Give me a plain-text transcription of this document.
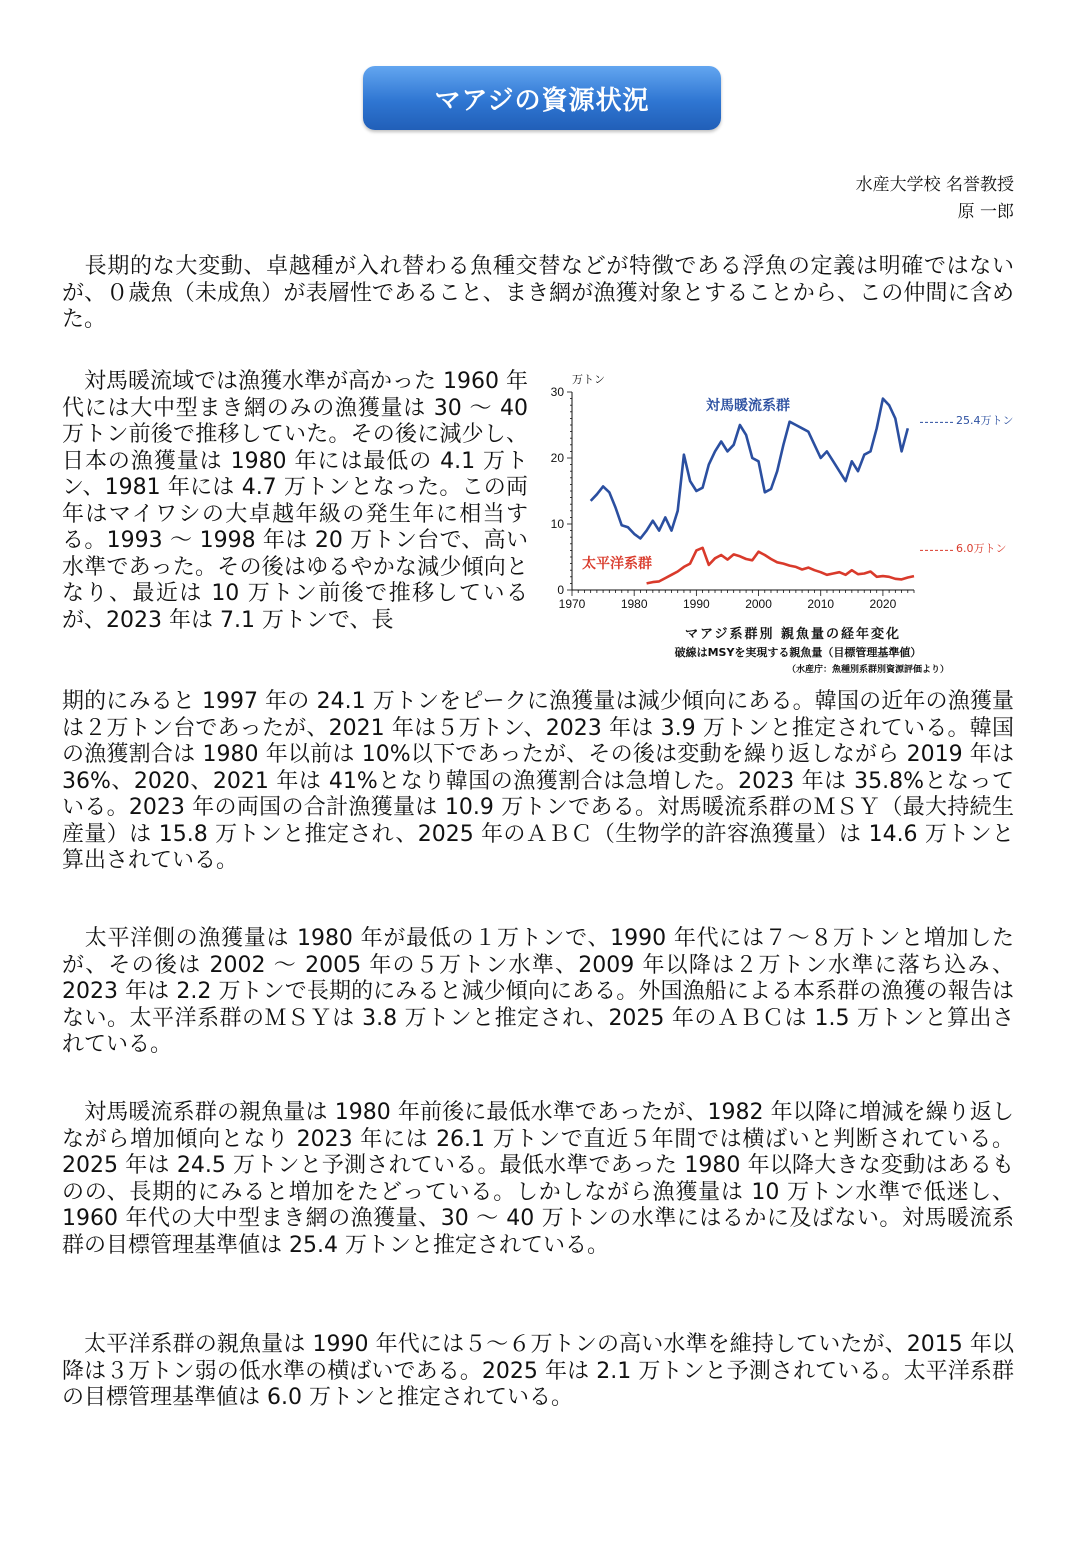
マアジの資源状況
水産大学校 名誉教授
原 一郎

　長期的な大変動、卓越種が入れ替わる魚種交替などが特徴である浮魚の定義は明確ではないが、０歳魚（未成魚）が表層性であること、まき網が漁獲対象とすることから、この仲間に含めた。

　対馬暖流域では漁獲水準が高かった 1960 年代には大中型まき網のみの漁獲量は 30 〜 40 万トン前後で推移していた。その後に減少し、日本の漁獲量は 1980 年には最低の 4.1 万トン、1981 年には 4.7 万トンとなった。この両年はマイワシの大卓越年級の発生年に相当する。1993 〜 1998 年は 20 万トン台で、高い水準であった。その後はゆるやかな減少傾向となり、最近は 10 万トン前後で推移しているが、2023 年は 7.1 万トンで、長

1970	1980	1990	2000	2010	2020
0
10
20
30
万トン
対馬暖流系群
太平洋系群
25.4万トン
6.0万トン
マアジ系群別 親魚量の経年変化
破線はMSYを実現する親魚量（目標管理基準値）
（水産庁：魚種別系群別資源評価より）

期的にみると 1997 年の 24.1 万トンをピークに漁獲量は減少傾向にある。韓国の近年の漁獲量は２万トン台であったが、2021 年は５万トン、2023 年は 3.9 万トンと推定されている。韓国の漁獲割合は 1980 年以前は 10%以下であったが、その後は変動を繰り返しながら 2019 年は 36%、2020、2021 年は 41%となり韓国の漁獲割合は急増した。2023 年は 35.8%となっている。2023 年の両国の合計漁獲量は 10.9 万トンである。対馬暖流系群のＭＳＹ（最大持続生産量）は 15.8 万トンと推定され、2025 年のＡＢＣ（生物学的許容漁獲量）は 14.6 万トンと算出されている。

　太平洋側の漁獲量は 1980 年が最低の１万トンで、1990 年代には７〜８万トンと増加したが、その後は 2002 〜 2005 年の５万トン水準、2009 年以降は２万トン水準に落ち込み、2023 年は 2.2 万トンで長期的にみると減少傾向にある。外国漁船による本系群の漁獲の報告はない。太平洋系群のＭＳＹは 3.8 万トンと推定され、2025 年のＡＢＣは 1.5 万トンと算出されている。

　対馬暖流系群の親魚量は 1980 年前後に最低水準であったが、1982 年以降に増減を繰り返しながら増加傾向となり 2023 年には 26.1 万トンで直近５年間では横ばいと判断されている。2025 年は 24.5 万トンと予測されている。最低水準であった 1980 年以降大きな変動はあるものの、長期的にみると増加をたどっている。しかしながら漁獲量は 10 万トン水準で低迷し、1960 年代の大中型まき網の漁獲量、30 〜 40 万トンの水準にはるかに及ばない。対馬暖流系群の目標管理基準値は 25.4 万トンと推定されている。

　太平洋系群の親魚量は 1990 年代には５〜６万トンの高い水準を維持していたが、2015 年以降は３万トン弱の低水準の横ばいである。2025 年は 2.1 万トンと予測されている。太平洋系群の目標管理基準値は 6.0 万トンと推定されている。
